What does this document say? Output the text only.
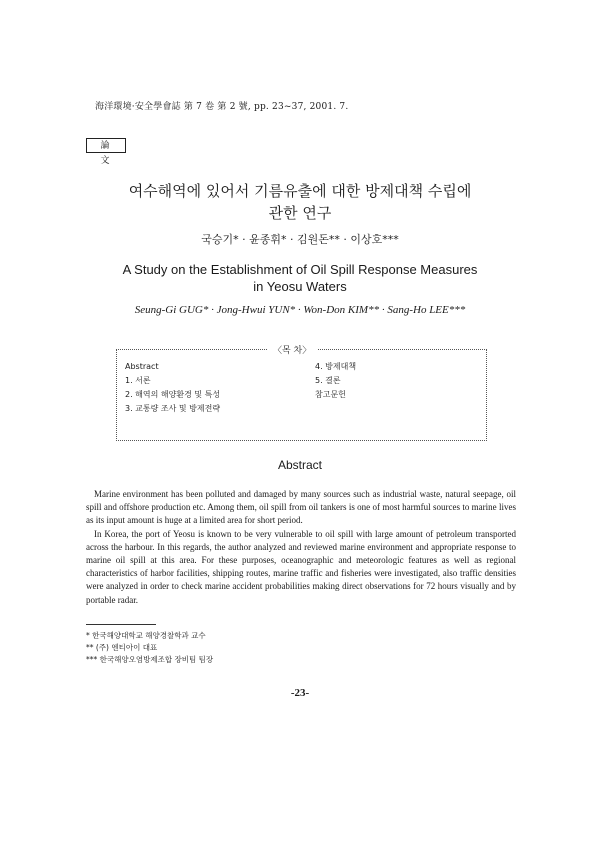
海洋環境·安全學會誌 第 7 卷 第 2 號, pp. 23~37, 2001. 7.
論 文
여수해역에 있어서 기름유출에 대한 방제대책 수립에
관한 연구
국승기* · 윤종휘* · 김원돈** · 이상호***
A Study on the Establishment of Oil Spill Response Measures
in Yeosu Waters
Seung-Gi GUG* · Jong-Hwui YUN* · Won-Don KIM** · Sang-Ho LEE***
〈목 차〉
Abstract
1. 서론
2. 해역의 해양환경 및 특성
3. 교통량 조사 및 방제전략
4. 방제대책
5. 결론
참고문헌
Abstract

Marine environment has been polluted and damaged by many sources such as industrial waste, natural seepage, oil spill and offshore production etc. Among them, oil spill from oil tankers is one of most harmful sources to marine lives as its input amount is huge at a limited area for short period.

In Korea, the port of Yeosu is known to be very vulnerable to oil spill with large amount of petroleum transported across the harbour. In this regards, the author analyzed and reviewed marine environment and appropriate response to marine oil spill at this area. For these purposes, oceanographic and meteorologic features as well as regional characteristics of harbor facilities, shipping routes, marine traffic and fisheries were investigated, also traffic densities were analyzed in order to check marine accident probabilities making direct observations for 72 hours visually and by portable radar.

* 한국해양대학교 해양경찰학과 교수
** (주) 엔티아이 대표
*** 한국해양오염방제조합 장비팀 팀장
-23-
